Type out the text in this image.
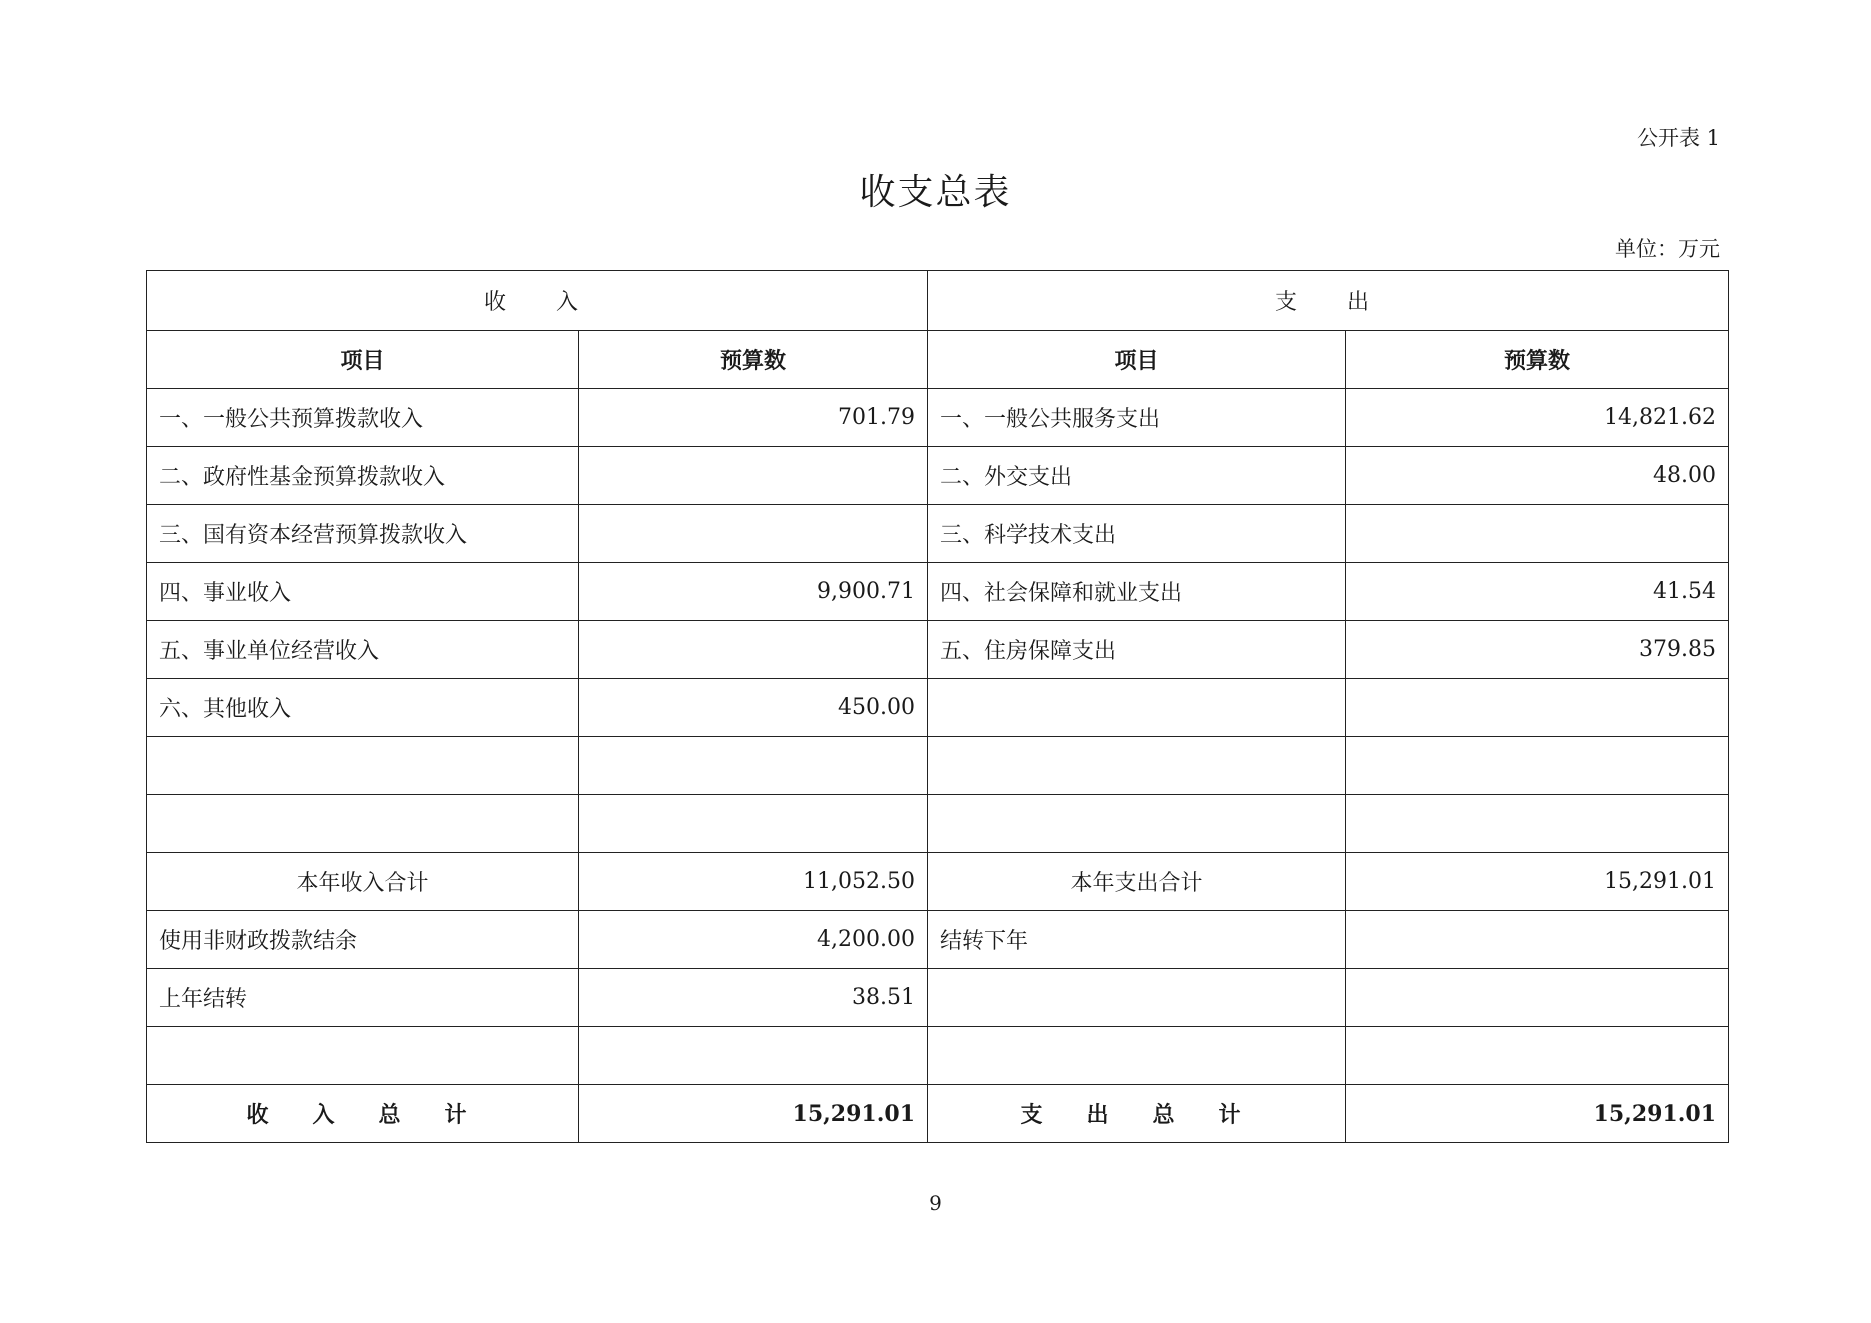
公开表 1
收支总表
单位：万元
收入		支出	
项目	预算数	项目	预算数
一、一般公共预算拨款收入	701.79	一、一般公共服务支出	14,821.62
二、政府性基金预算拨款收入		二、外交支出	48.00
三、国有资本经营预算拨款收入		三、科学技术支出	
四、事业收入	9,900.71	四、社会保障和就业支出	41.54
五、事业单位经营收入		五、住房保障支出	379.85
六、其他收入	450.00		

本年收入合计	11,052.50	本年支出合计	15,291.01
使用非财政拨款结余	4,200.00	结转下年	
上年结转	38.51		

收入总计	15,291.01	支出总计	15,291.01
9
